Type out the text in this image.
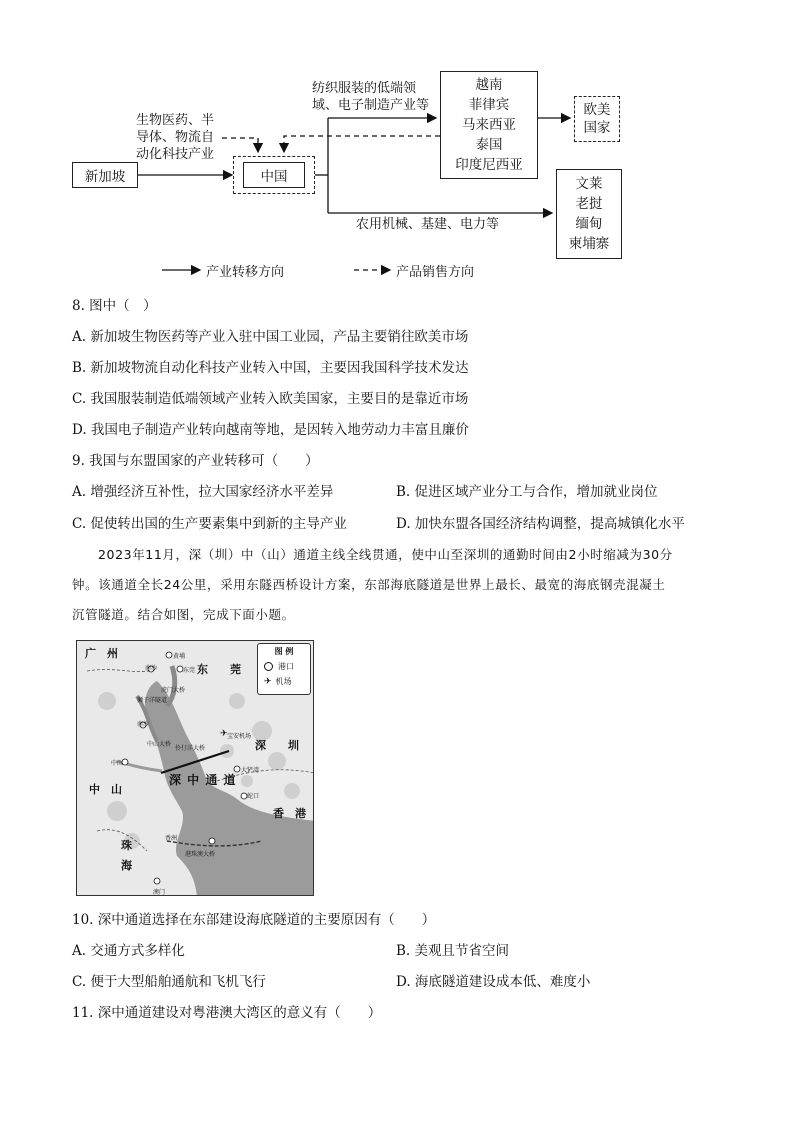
新加坡	中国
越南
菲律宾
马来西亚
泰国
印度尼西亚
欧美
国家
文莱
老挝
缅甸
柬埔寨
生物医药、半
导体、物流自
动化科技产业
纺织服装的低端领
域、电子制造产业等
农用机械、基建、电力等
产业转移方向	产品销售方向
8. 图中（　）
A. 新加坡生物医药等产业入驻中国工业园，产品主要销往欧美市场
B. 新加坡物流自动化科技产业转入中国，主要因我国科学技术发达
C. 我国服装制造低端领域产业转入欧美国家，主要目的是靠近市场
D. 我国电子制造产业转向越南等地，是因转入地劳动力丰富且廉价
9. 我国与东盟国家的产业转移可（　　）
A. 增强经济互补性，拉大国家经济水平差异	B. 促进区域产业分工与合作，增加就业岗位
C. 促使转出国的生产要素集中到新的主导产业	D. 加快东盟各国经济结构调整，提高城镇化水平

2023年11月，深（圳）中（山）通道主线全线贯通，使中山至深圳的通勤时间由2小时缩减为30分

钟。该通道全长24公里，采用东隧西桥设计方案，东部海底隧道是世界上最长、最宽的海底钢壳混凝土

沉管隧道。结合如图，完成下面小题。

✈
广　州
东　　莞
深　　圳
中　山
香　港
珠
海
深 中 通 道
黄埔
南沙	东莞
虎门大桥
狮子洋隧道
南沙
宝安机场
中山
中山大桥
伶仃洋大桥
大铲湾
蛇口
香洲
港珠澳大桥
澳门
图 例
港口
✈ 机场
10. 深中通道选择在东部建设海底隧道的主要原因有（　　）
A. 交通方式多样化	B. 美观且节省空间
C. 便于大型船舶通航和飞机飞行	D. 海底隧道建设成本低、难度小
11. 深中通道建设对粤港澳大湾区的意义有（　　）
